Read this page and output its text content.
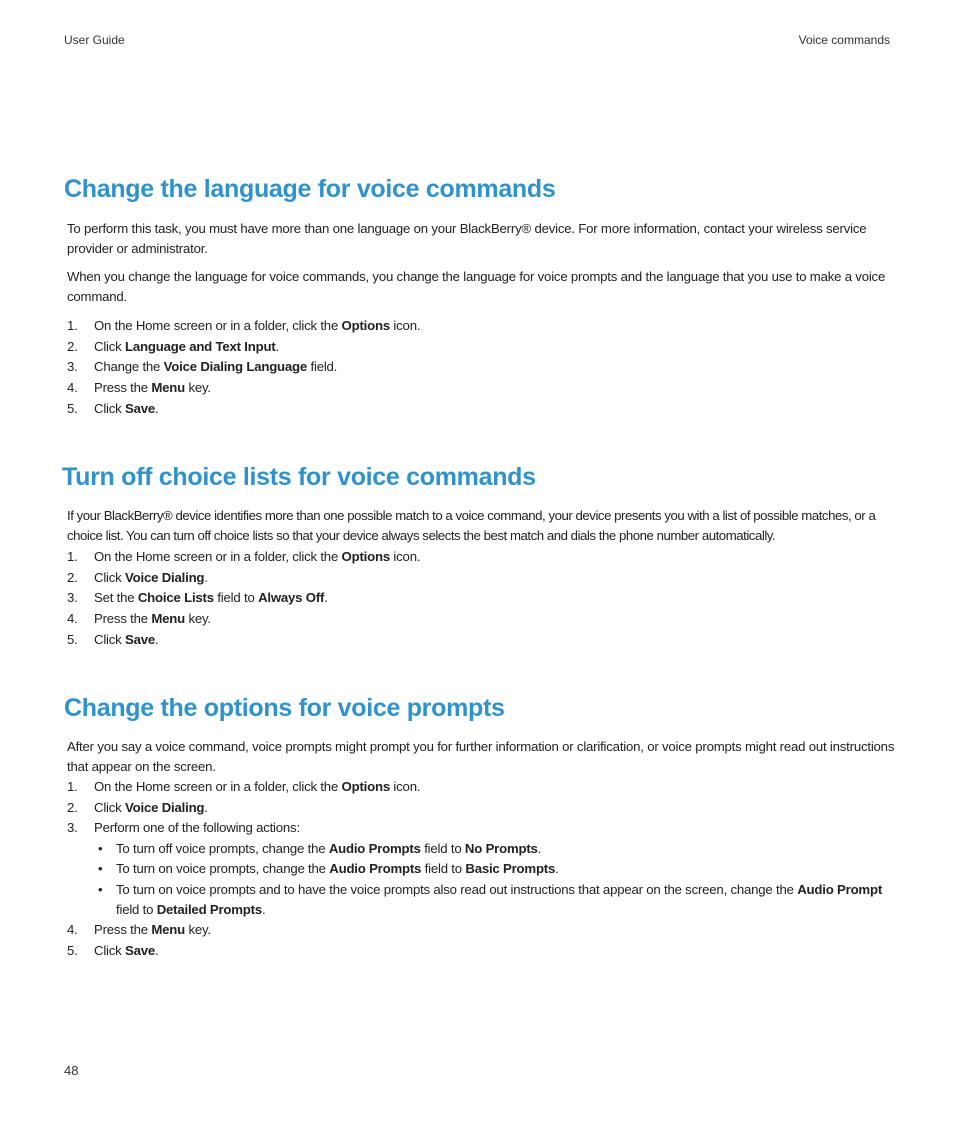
User Guide	Voice commands
Change the language for voice commands

To perform this task, you must have more than one language on your BlackBerry® device. For more information, contact your wireless service provider or administrator.

When you change the language for voice commands, you change the language for voice prompts and the language that you use to make a voice command.

1. On the Home screen or in a folder, click the Options icon.
2. Click Language and Text Input.
3. Change the Voice Dialing Language field.
4. Press the Menu key.
5. Click Save.
Turn off choice lists for voice commands

If your BlackBerry® device identifies more than one possible match to a voice command, your device presents you with a list of possible matches, or a choice list. You can turn off choice lists so that your device always selects the best match and dials the phone number automatically.

1. On the Home screen or in a folder, click the Options icon.
2. Click Voice Dialing.
3. Set the Choice Lists field to Always Off.
4. Press the Menu key.
5. Click Save.
Change the options for voice prompts

After you say a voice command, voice prompts might prompt you for further information or clarification, or voice prompts might read out instructions that appear on the screen.

1. On the Home screen or in a folder, click the Options icon.
2. Click Voice Dialing.
3. Perform one of the following actions:
• To turn off voice prompts, change the Audio Prompts field to No Prompts.
• To turn on voice prompts, change the Audio Prompts field to Basic Prompts.
• To turn on voice prompts and to have the voice prompts also read out instructions that appear on the screen, change the Audio Prompt field to Detailed Prompts.
4. Press the Menu key.
5. Click Save.
48
